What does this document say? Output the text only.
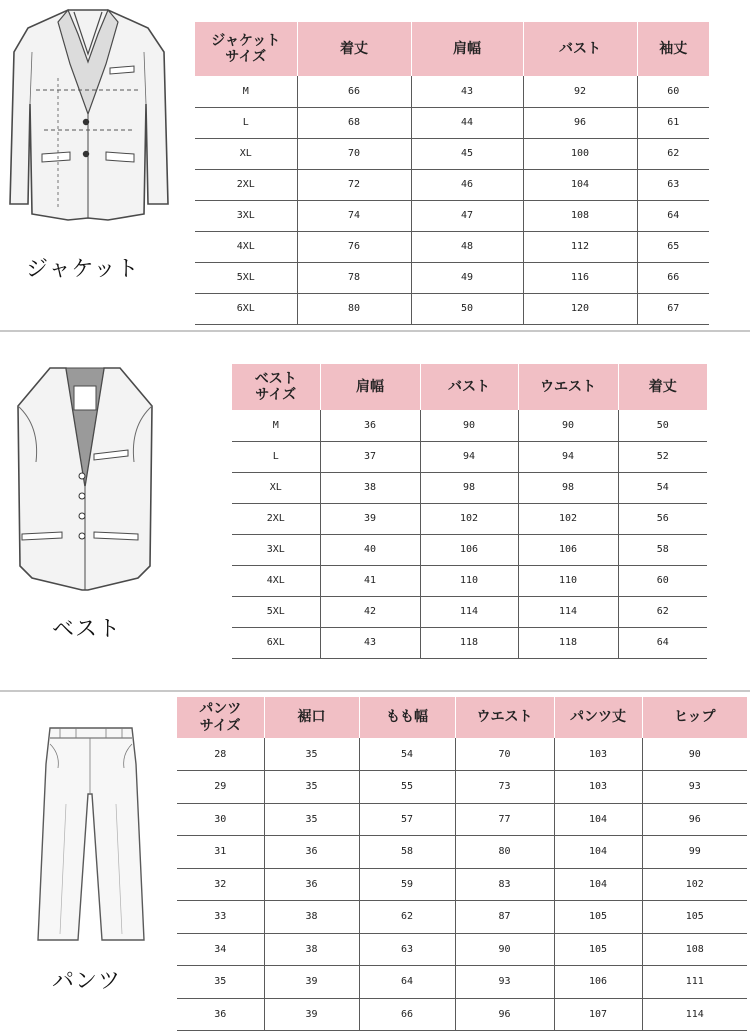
ジャケット
ジャケット
サイズ	着丈	肩幅	バスト	袖丈

M	66	43	92	60
L	68	44	96	61
XL	70	45	100	62
2XL	72	46	104	63
3XL	74	47	108	64
4XL	76	48	112	65
5XL	78	49	116	66
6XL	80	50	120	67
ベスト
ベスト
サイズ	肩幅	バスト	ウエスト	着丈

M	36	90	90	50
L	37	94	94	52
XL	38	98	98	54
2XL	39	102	102	56
3XL	40	106	106	58
4XL	41	110	110	60
5XL	42	114	114	62
6XL	43	118	118	64
パンツ
パンツ
サイズ	裾口	もも幅	ウエスト	パンツ丈	ヒップ

28	35	54	70	103	90
29	35	55	73	103	93
30	35	57	77	104	96
31	36	58	80	104	99
32	36	59	83	104	102
33	38	62	87	105	105
34	38	63	90	105	108
35	39	64	93	106	111
36	39	66	96	107	114
